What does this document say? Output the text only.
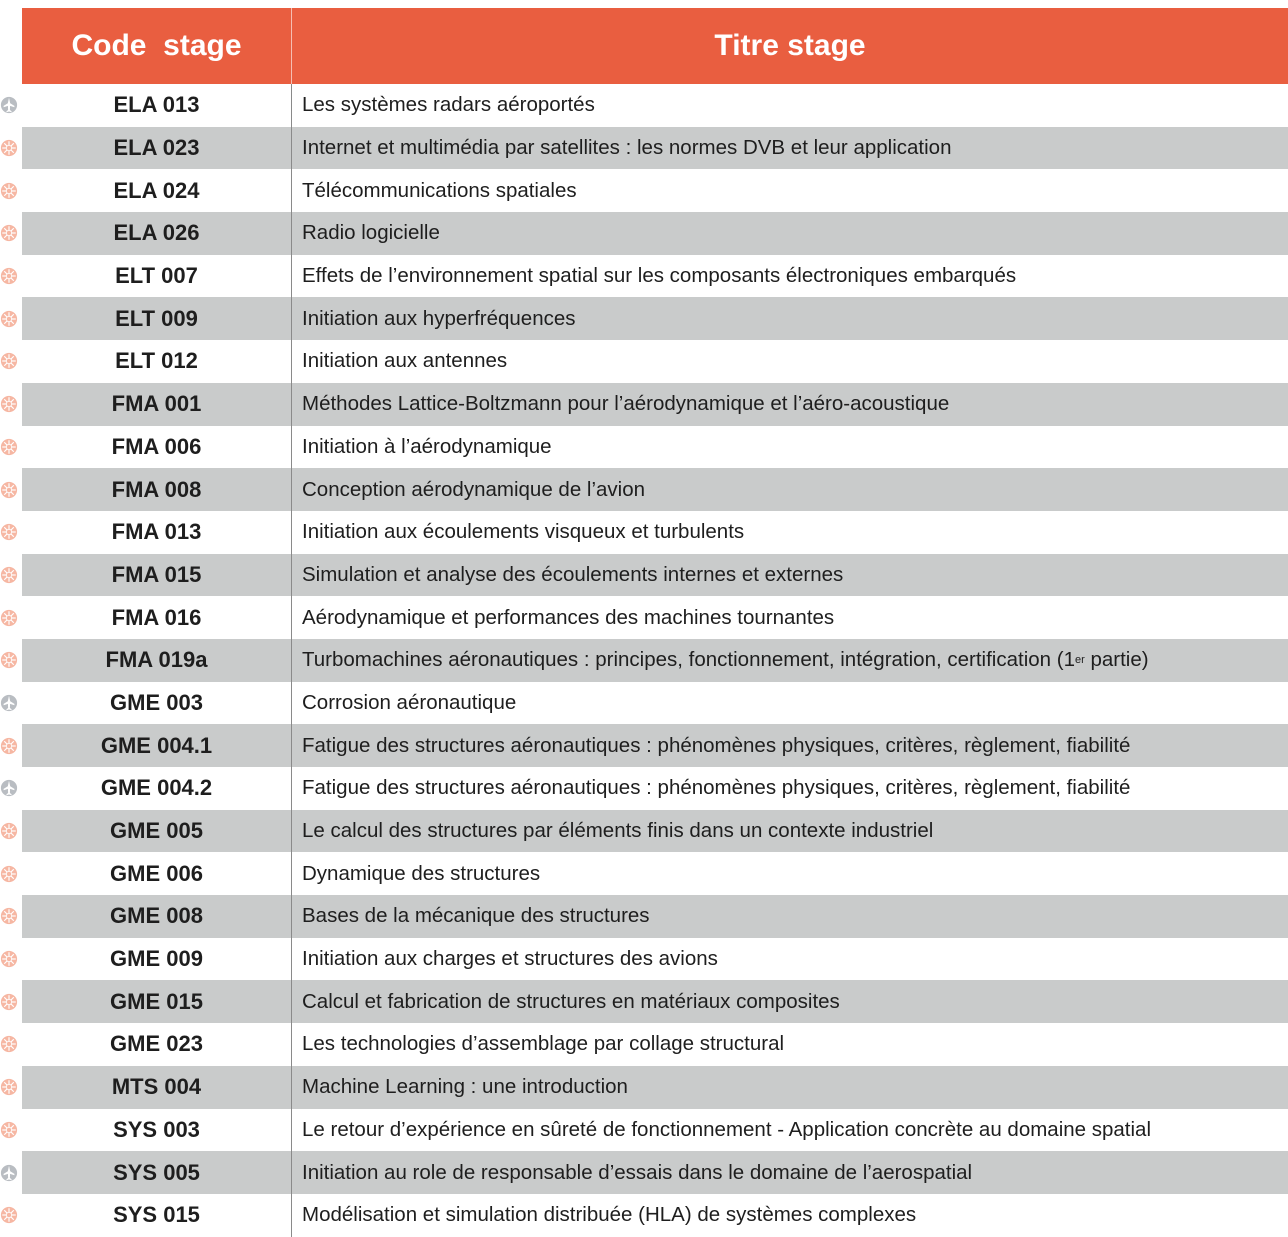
Code  stage	Titre stage
ELA 013	Les systèmes radars aéroportés
ELA 023	Internet et multimédia par satellites : les normes DVB et leur application
ELA 024	Télécommunications spatiales
ELA 026	Radio logicielle
ELT 007	Effets de l’environnement spatial sur les composants électroniques embarqués
ELT 009	Initiation aux hyperfréquences
ELT 012	Initiation aux antennes
FMA 001	Méthodes Lattice-Boltzmann pour l’aérodynamique et l’aéro-acoustique
FMA 006	Initiation à l’aérodynamique
FMA 008	Conception aérodynamique de l’avion
FMA 013	Initiation aux écoulements visqueux et turbulents
FMA 015	Simulation et analyse des écoulements internes et externes
FMA 016	Aérodynamique et performances des machines tournantes
FMA 019a	Turbomachines aéronautiques : principes, fonctionnement, intégration, certification (1 er partie)
GME 003	Corrosion aéronautique
GME 004.1	Fatigue des structures aéronautiques : phénomènes physiques, critères, règlement, fiabilité
GME 004.2	Fatigue des structures aéronautiques : phénomènes physiques, critères, règlement, fiabilité
GME 005	Le calcul des structures par éléments finis dans un contexte industriel
GME 006	Dynamique des structures
GME 008	Bases de la mécanique des structures
GME 009	Initiation aux charges et structures des avions
GME 015	Calcul et fabrication de structures en matériaux composites
GME 023	Les technologies d’assemblage par collage structural
MTS 004	Machine Learning : une introduction
SYS 003	Le retour d’expérience en sûreté de fonctionnement - Application concrète au domaine spatial
SYS 005	Initiation au role de responsable d’essais dans le domaine de l’aerospatial
SYS 015	Modélisation et simulation distribuée (HLA) de systèmes complexes
